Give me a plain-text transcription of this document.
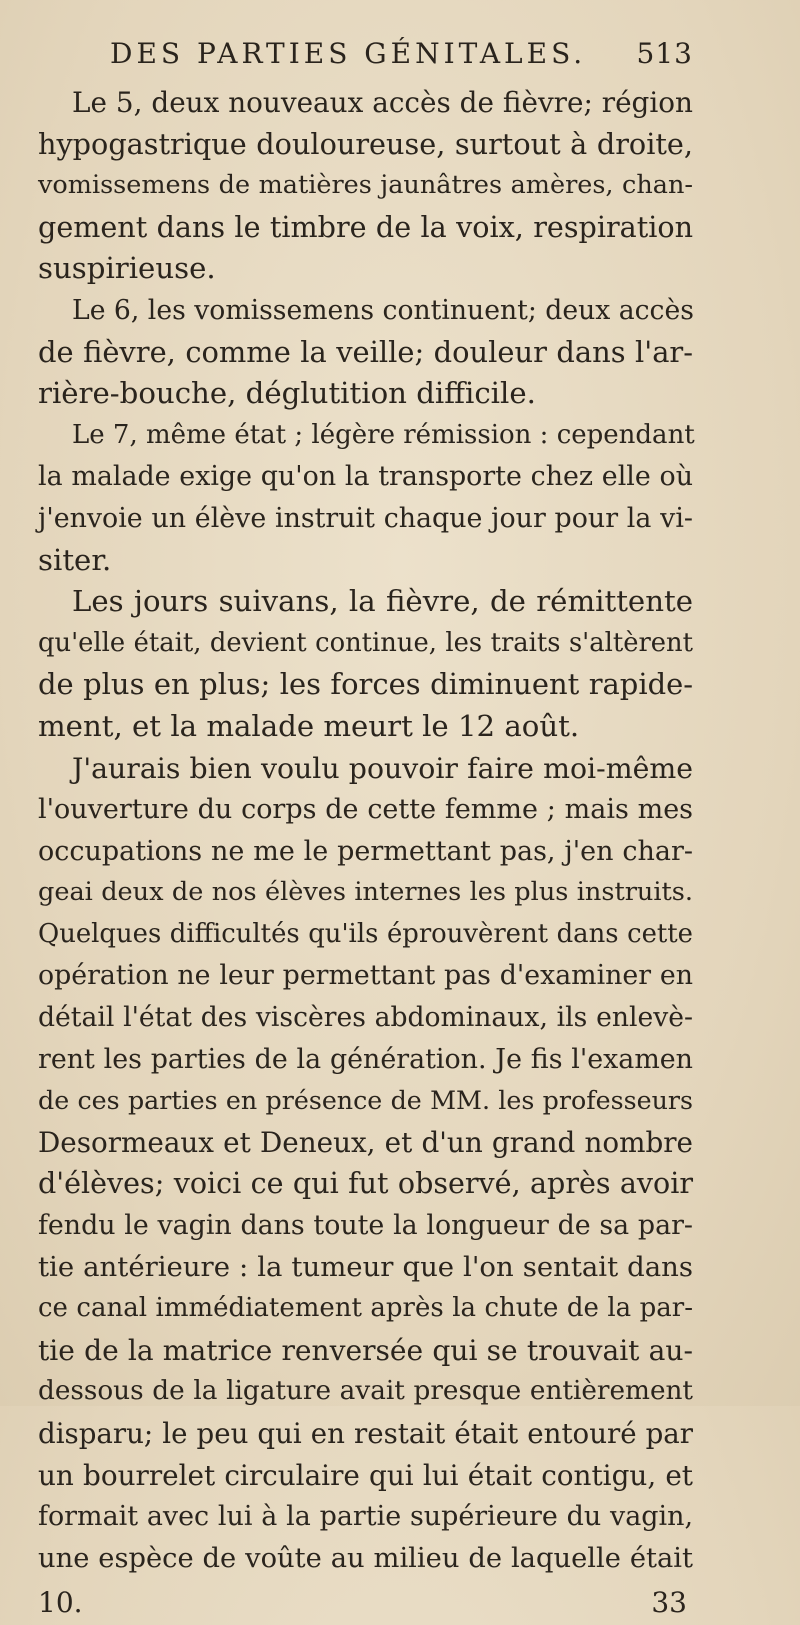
DES PARTIES GÉNITALES. 513
Le 5, deux nouveaux accès de fièvre; région
hypogastrique douloureuse, surtout à droite,
vomissemens de matières jaunâtres amères, chan-
gement dans le timbre de la voix, respiration
suspirieuse.
Le 6, les vomissemens continuent; deux accès
de fièvre, comme la veille; douleur dans l'ar-
rière-bouche, déglutition difficile.
Le 7, même état ; légère rémission : cependant
la malade exige qu'on la transporte chez elle où
j'envoie un élève instruit chaque jour pour la vi-
siter.
Les jours suivans, la fièvre, de rémittente
qu'elle était, devient continue, les traits s'altèrent
de plus en plus; les forces diminuent rapide-
ment, et la malade meurt le 12 août.
J'aurais bien voulu pouvoir faire moi-même
l'ouverture du corps de cette femme ; mais mes
occupations ne me le permettant pas, j'en char-
geai deux de nos élèves internes les plus instruits.
Quelques difficultés qu'ils éprouvèrent dans cette
opération ne leur permettant pas d'examiner en
détail l'état des viscères abdominaux, ils enlevè-
rent les parties de la génération. Je fis l'examen
de ces parties en présence de MM. les professeurs
Desormeaux et Deneux, et d'un grand nombre
d'élèves; voici ce qui fut observé, après avoir
fendu le vagin dans toute la longueur de sa par-
tie antérieure : la tumeur que l'on sentait dans
ce canal immédiatement après la chute de la par-
tie de la matrice renversée qui se trouvait au-
dessous de la ligature avait presque entièrement
disparu; le peu qui en restait était entouré par
un bourrelet circulaire qui lui était contigu, et
formait avec lui à la partie supérieure du vagin,
une espèce de voûte au milieu de laquelle était
10.	33
